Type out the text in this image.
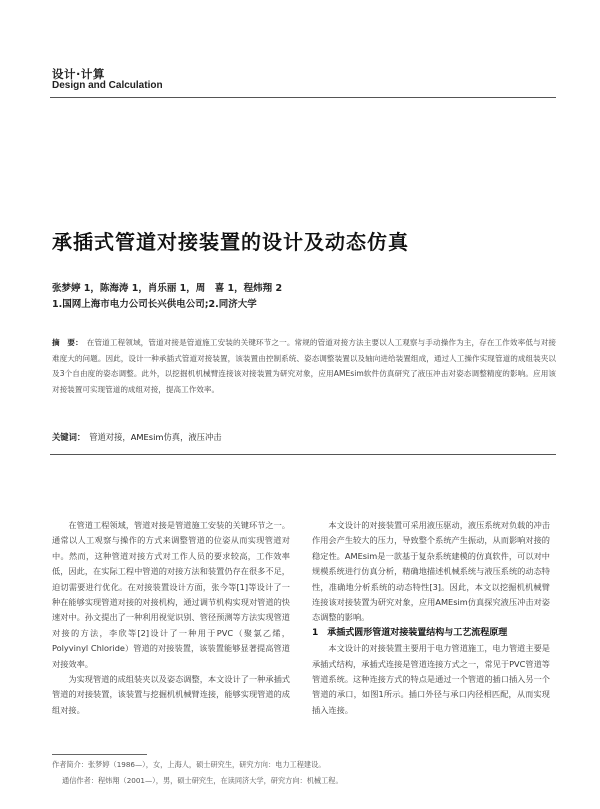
设计·计算
Design and Calculation
承插式管道对接装置的设计及动态仿真
张梦婷 1，陈海涛 1，肖乐丽 1，周　喜 1，程炜翔 2
1.国网上海市电力公司长兴供电公司;2.同济大学
摘　要： 在管道工程领域，管道对接是管道施工安装的关键环节之一。常规的管道对接方法主要以人工观察与手动操作为主，存在工作效率低与对接难度大的问题。因此，设计一种承插式管道对接装置，该装置由控制系统、姿态调整装置以及轴向进给装置组成，通过人工操作实现管道的成组装夹以及3个自由度的姿态调整。此外，以挖掘机机械臂连接该对接装置为研究对象，应用AMEsim软件仿真研究了液压冲击对姿态调整精度的影响。应用该对接装置可实现管道的成组对接，提高工作效率。
关键词： 管道对接，AMEsim仿真，液压冲击

在管道工程领域，管道对接是管道施工安装的关键环节之一。通常以人工观察与操作的方式来调整管道的位姿从而实现管道对中。然而，这种管道对接方式对工作人员的要求较高，工作效率低，因此，在实际工程中管道的对接方法和装置仍存在很多不足，迫切需要进行优化。在对接装置设计方面，张今等[1]等设计了一种在能够实现管道对接的对接机构，通过调节机构实现对管道的快速对中。孙文提出了一种利用视觉识别、管径预测等方法实现管道对接的方法，李欣等[2]设计了一种用于PVC（聚氯乙烯，Polyvinyl Chloride）管道的对接装置，该装置能够显著提高管道对接效率。

为实现管道的成组装夹以及姿态调整，本文设计了一种承插式管道的对接装置，该装置与挖掘机机械臂连接，能够实现管道的成组对接。

本文设计的对接装置可采用液压驱动，液压系统对负载的冲击作用会产生较大的压力，导致整个系统产生振动，从而影响对接的稳定性。AMEsim是一款基于复杂系统建模的仿真软件，可以对中规模系统进行仿真分析，精确地描述机械系统与液压系统的动态特性，准确地分析系统的动态特性[3]。因此，本文以挖掘机机械臂连接该对接装置为研究对象，应用AMEsim仿真探究液压冲击对姿态调整的影响。

1　承插式圆形管道对接装置结构与工艺流程原理

本文设计的对接装置主要用于电力管道施工，电力管道主要是承插式结构，承插式连接是管道连接方式之一，常见于PVC管道等管道系统。这种连接方式的特点是通过一个管道的插口插入另一个管道的承口，如图1所示。插口外径与承口内径相匹配，从而实现插入连接。

作者简介：张梦婷（1986—），女，上海人，硕士研究生，研究方向：电力工程建设。
通信作者：程炜翔（2001—），男，硕士研究生，在读同济大学，研究方向：机械工程。
